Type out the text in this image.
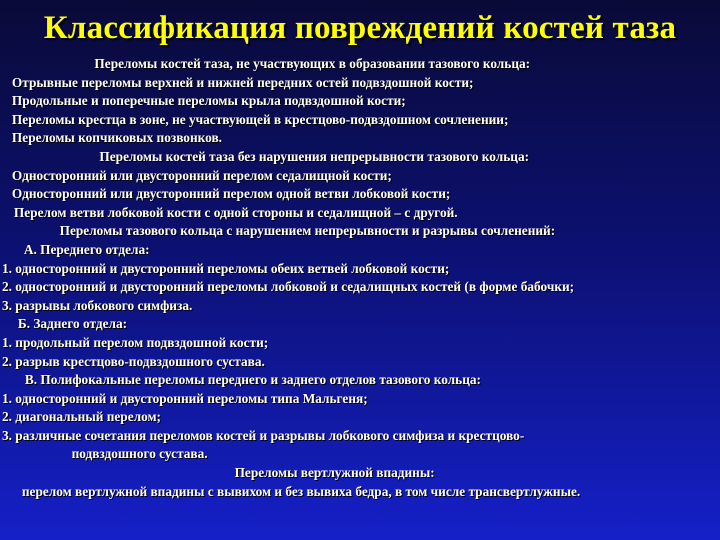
Классификация повреждений костей таза
Переломы костей таза, не участвующих в образовании тазового кольца:
Отрывные переломы верхней и нижней передних остей подвздошной кости;
Продольные и поперечные переломы крыла подвздошной кости;
Переломы крестца в зоне, не участвующей в крестцово-подвздошном сочленении;
Переломы копчиковых позвонков.
Переломы костей таза без нарушения непрерывности тазового кольца:
Односторонний или двусторонний перелом седалищной кости;
Односторонний или двусторонний перелом одной ветви лобковой кости;
Перелом ветви лобковой кости с одной стороны и седалищной – с другой.
Переломы тазового кольца с нарушением непрерывности и разрывы сочленений:
А. Переднего отдела:
1. односторонний и двусторонний переломы обеих ветвей лобковой кости;
2. односторонний и двусторонний переломы лобковой и седалищных костей (в форме бабочки;
3. разрывы лобкового симфиза.
Б. Заднего отдела:
1. продольный перелом подвздошной кости;
2. разрыв крестцово-подвздошного сустава.
В. Полифокальные переломы переднего и заднего отделов тазового кольца:
1. односторонний и двусторонний переломы типа Мальгеня;
2. диагональный перелом;
3. различные сочетания переломов костей и разрывы лобкового симфиза и крестцово-
подвздошного сустава.
Переломы вертлужной впадины:
перелом вертлужной впадины с вывихом и без вывиха бедра, в том числе трансвертлужные.
